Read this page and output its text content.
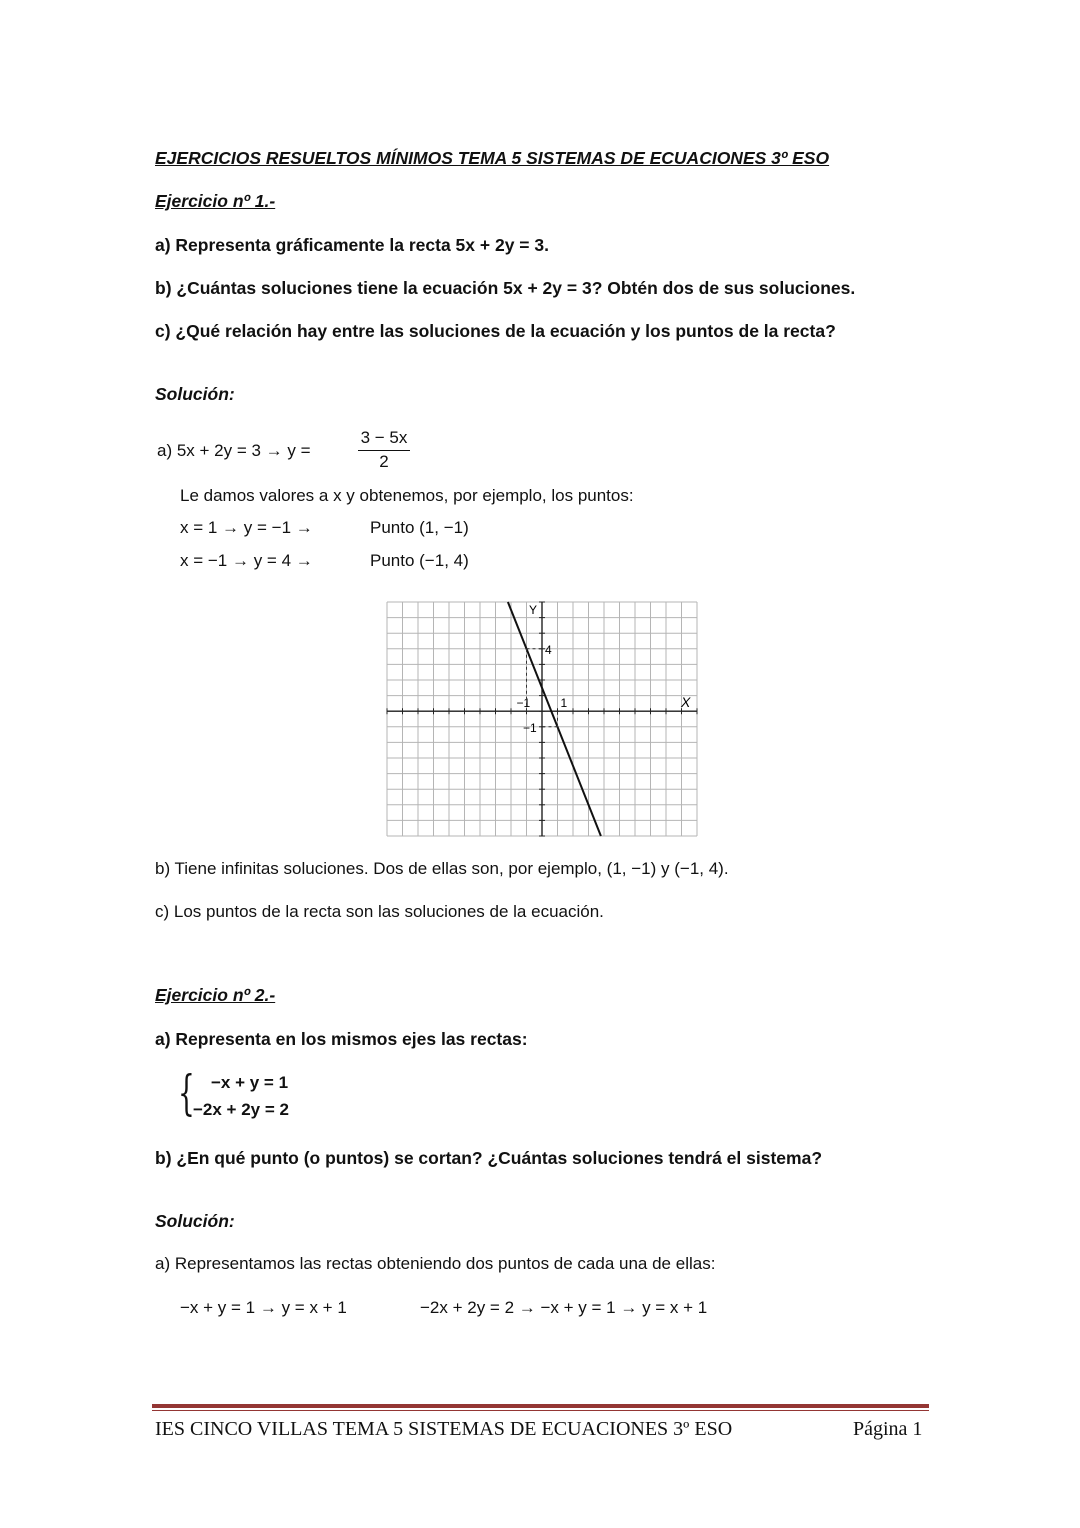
EJERCICIOS RESUELTOS MÍNIMOS TEMA 5 SISTEMAS DE ECUACIONES 3º ESO
Ejercicio nº 1.-
a) Representa gráficamente la recta 5x + 2y = 3.
b) ¿Cuántas soluciones tiene la ecuación 5x + 2y = 3? Obtén dos de sus soluciones.
c) ¿Qué relación hay entre las soluciones de la ecuación y los puntos de la recta?
Solución:
a) 5x + 2y = 3 → y =
3 − 5x
2
Le damos valores a x y obtenemos, por ejemplo, los puntos:
x = 1 → y = −1 →	Punto (1, −1)
x = −1 → y = 4 →	Punto (−1, 4)
X
Y
4
−1	1
−1
b) Tiene infinitas soluciones. Dos de ellas son, por ejemplo, (1, −1) y (−1, 4).
c) Los puntos de la recta son las soluciones de la ecuación.
Ejercicio nº 2.-
a) Representa en los mismos ejes las rectas:
{ −x + y = 1
−2x + 2y = 2
b) ¿En qué punto (o puntos) se cortan? ¿Cuántas soluciones tendrá el sistema?
Solución:
a) Representamos las rectas obteniendo dos puntos de cada una de ellas:
−x + y = 1 → y = x + 1	−2x + 2y = 2 → −x + y = 1 → y = x + 1
IES CINCO VILLAS TEMA 5 SISTEMAS DE ECUACIONES 3º ESO	Página 1
